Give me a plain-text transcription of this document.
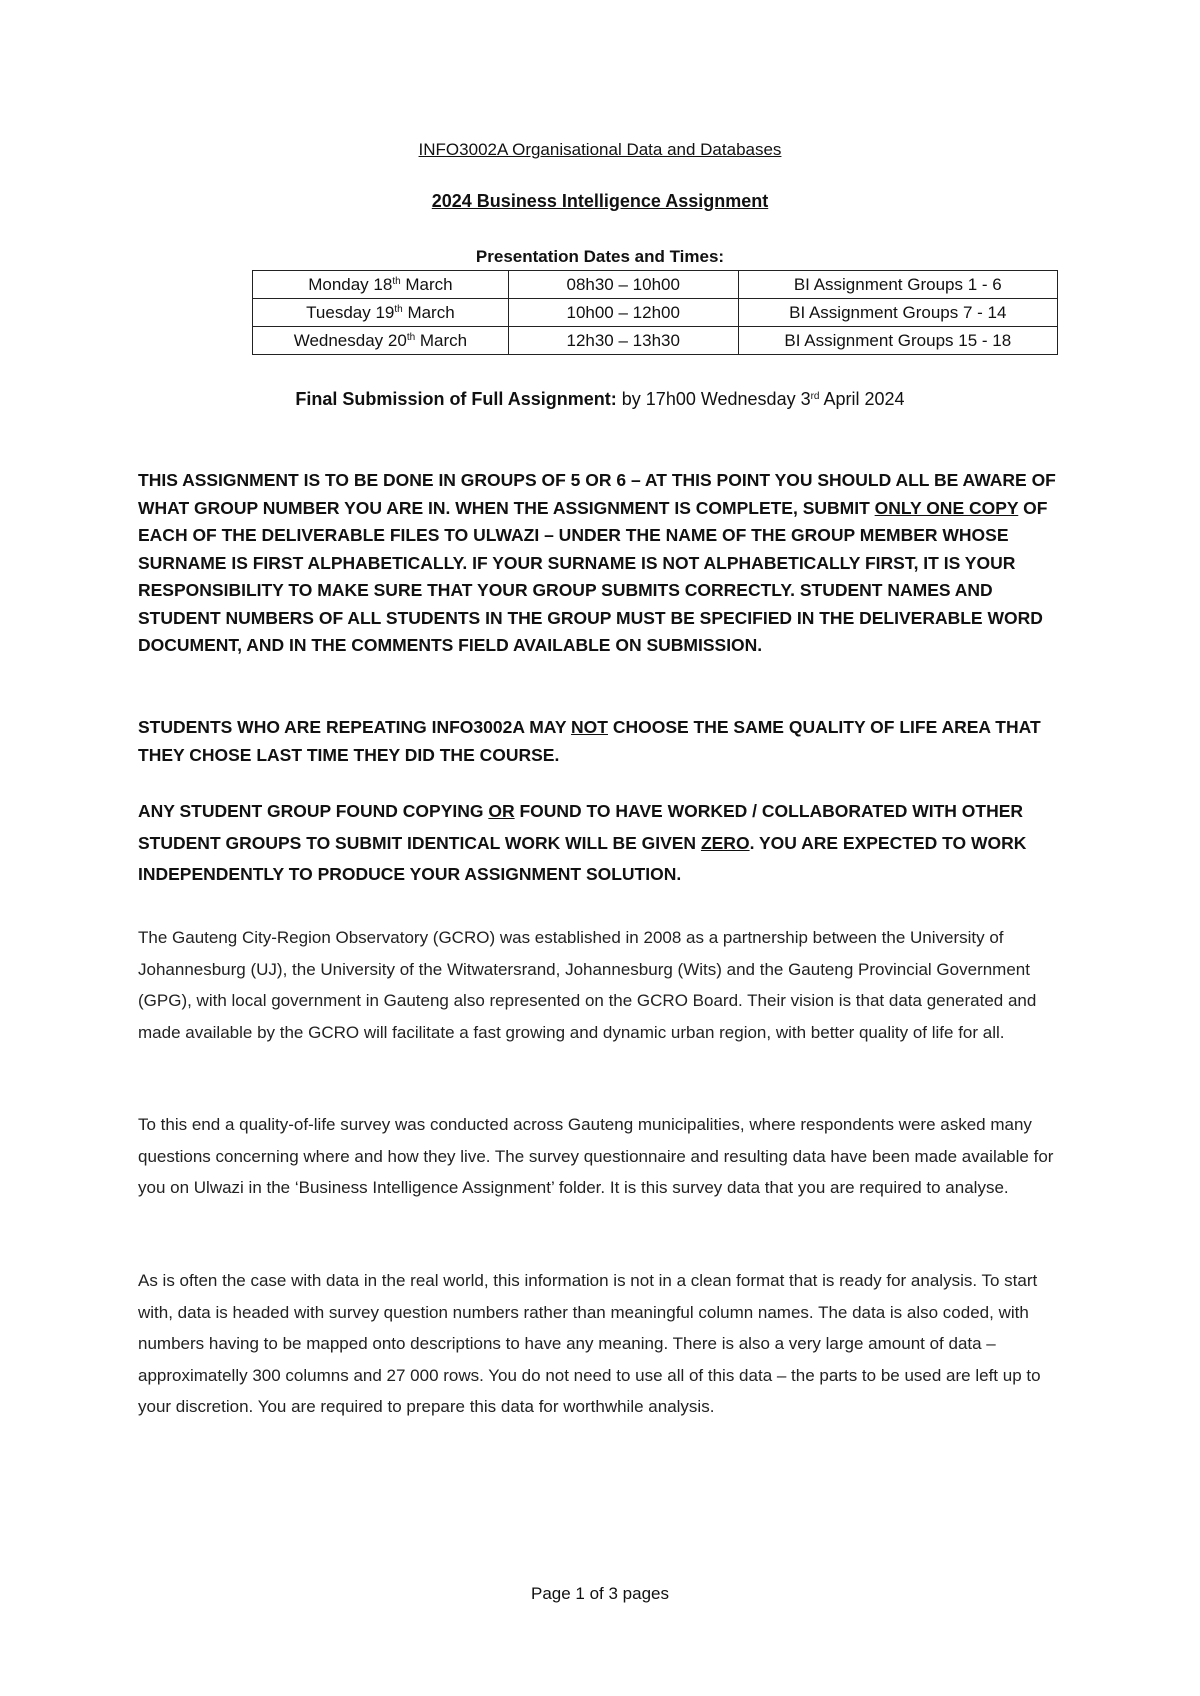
INFO3002A Organisational Data and Databases
2024 Business Intelligence Assignment
Presentation Dates and Times:
Monday 18th March	08h30 – 10h00	BI Assignment Groups 1 - 6
Tuesday 19th March	10h00 – 12h00	BI Assignment Groups 7 - 14
Wednesday 20th March	12h30 – 13h30	BI Assignment Groups 15 - 18
Final Submission of Full Assignment: by 17h00 Wednesday 3rd April 2024

THIS ASSIGNMENT IS TO BE DONE IN GROUPS OF 5 OR 6 – AT THIS POINT YOU SHOULD ALL BE AWARE OF WHAT GROUP NUMBER YOU ARE IN. WHEN THE ASSIGNMENT IS COMPLETE, SUBMIT ONLY ONE COPY OF EACH OF THE DELIVERABLE FILES TO ULWAZI – UNDER THE NAME OF THE GROUP MEMBER WHOSE SURNAME IS FIRST ALPHABETICALLY. IF YOUR SURNAME IS NOT ALPHABETICALLY FIRST, IT IS YOUR RESPONSIBILITY TO MAKE SURE THAT YOUR GROUP SUBMITS CORRECTLY. STUDENT NAMES AND STUDENT NUMBERS OF ALL STUDENTS IN THE GROUP MUST BE SPECIFIED IN THE DELIVERABLE WORD DOCUMENT, AND IN THE COMMENTS FIELD AVAILABLE ON SUBMISSION.

STUDENTS WHO ARE REPEATING INFO3002A MAY NOT CHOOSE THE SAME QUALITY OF LIFE AREA THAT THEY CHOSE LAST TIME THEY DID THE COURSE.

ANY STUDENT GROUP FOUND COPYING OR FOUND TO HAVE WORKED / COLLABORATED WITH OTHER STUDENT GROUPS TO SUBMIT IDENTICAL WORK WILL BE GIVEN ZERO. YOU ARE EXPECTED TO WORK INDEPENDENTLY TO PRODUCE YOUR ASSIGNMENT SOLUTION.

The Gauteng City-Region Observatory (GCRO) was established in 2008 as a partnership between the University of Johannesburg (UJ), the University of the Witwatersrand, Johannesburg (Wits) and the Gauteng Provincial Government (GPG), with local government in Gauteng also represented on the GCRO Board. Their vision is that data generated and made available by the GCRO will facilitate a fast growing and dynamic urban region, with better quality of life for all.

To this end a quality-of-life survey was conducted across Gauteng municipalities, where respondents were asked many questions concerning where and how they live. The survey questionnaire and resulting data have been made available for you on Ulwazi in the ‘Business Intelligence Assignment’ folder. It is this survey data that you are required to analyse.

As is often the case with data in the real world, this information is not in a clean format that is ready for analysis. To start with, data is headed with survey question numbers rather than meaningful column names. The data is also coded, with numbers having to be mapped onto descriptions to have any meaning. There is also a very large amount of data – approximatelly 300 columns and 27 000 rows. You do not need to use all of this data – the parts to be used are left up to your discretion. You are required to prepare this data for worthwhile analysis.

Page 1 of 3 pages
